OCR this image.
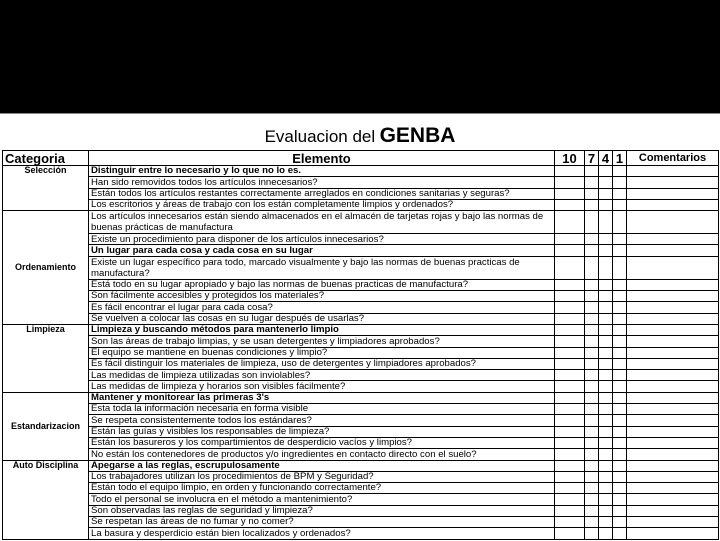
Evaluacion del GENBA
Categoria	Elemento	10	7	4	1	Comentarios
Selección	Distinguir entre lo necesario y lo que no lo es.					
	Han sido removidos todos los artículos innecesarios?					
	Están todos los artículos restantes correctamente arreglados en condiciones sanitarias y seguras?					
	Los escritorios y áreas de trabajo con los están completamente limpios y ordenados?					
Ordenamiento	Los artículos innecesarios están siendo almacenados en el almacén de tarjetas rojas y bajo las normas de buenas prácticas de manufactura					
	Existe un procedimiento para disponer de los artículos innecesarios?					
	Un lugar para cada cosa y cada cosa en su lugar					
	Existe un lugar específico para todo, marcado visualmente y bajo las normas de buenas practicas de manufactura?					
	Está todo en su lugar apropiado y bajo las normas de buenas practicas de manufactura?					
	Son fácilmente accesibles y protegidos los materiales?					
	Es fácil encontrar el lugar para cada cosa?					
	Se vuelven a colocar las cosas en su lugar después de usarlas?					
Limpieza	Limpieza y buscando métodos para mantenerlo limpio					
	Son las áreas de trabajo limpias, y se usan detergentes y limpiadores aprobados?					
	El equipo se mantiene en buenas condiciones y limpio?					
	Es fácil distinguir los materiales de limpieza, uso de detergentes y limpiadores aprobados?					
	Las medidas de limpieza utilizadas son inviolables?					
	Las medidas de limpieza y horarios son visibles fácilmente?					
Estandarizacion	Mantener y monitorear las primeras 3's					
	Esta toda la información necesaria en forma visible					
	Se respeta consistentemente todos los estándares?					
	Están las guías y visibles los responsables de limpieza?					
	Están los basureros y los compartimientos de desperdicio vacíos y limpios?					
	No están los contenedores de productos y/o ingredientes en contacto directo con el suelo?					
Auto Disciplina	Apegarse a las reglas, escrupulosamente					
	Los trabajadores utilizan los procedimientos de BPM y Seguridad?					
	Están todo el equipo limpio, en orden y funcionando correctamente?					
	Todo el personal se involucra en el método a mantenimiento?					
	Son observadas las reglas de seguridad y limpieza?					
	Se respetan las áreas de no fumar y no comer?					
	La basura y desperdicio están bien localizados y ordenados?					
